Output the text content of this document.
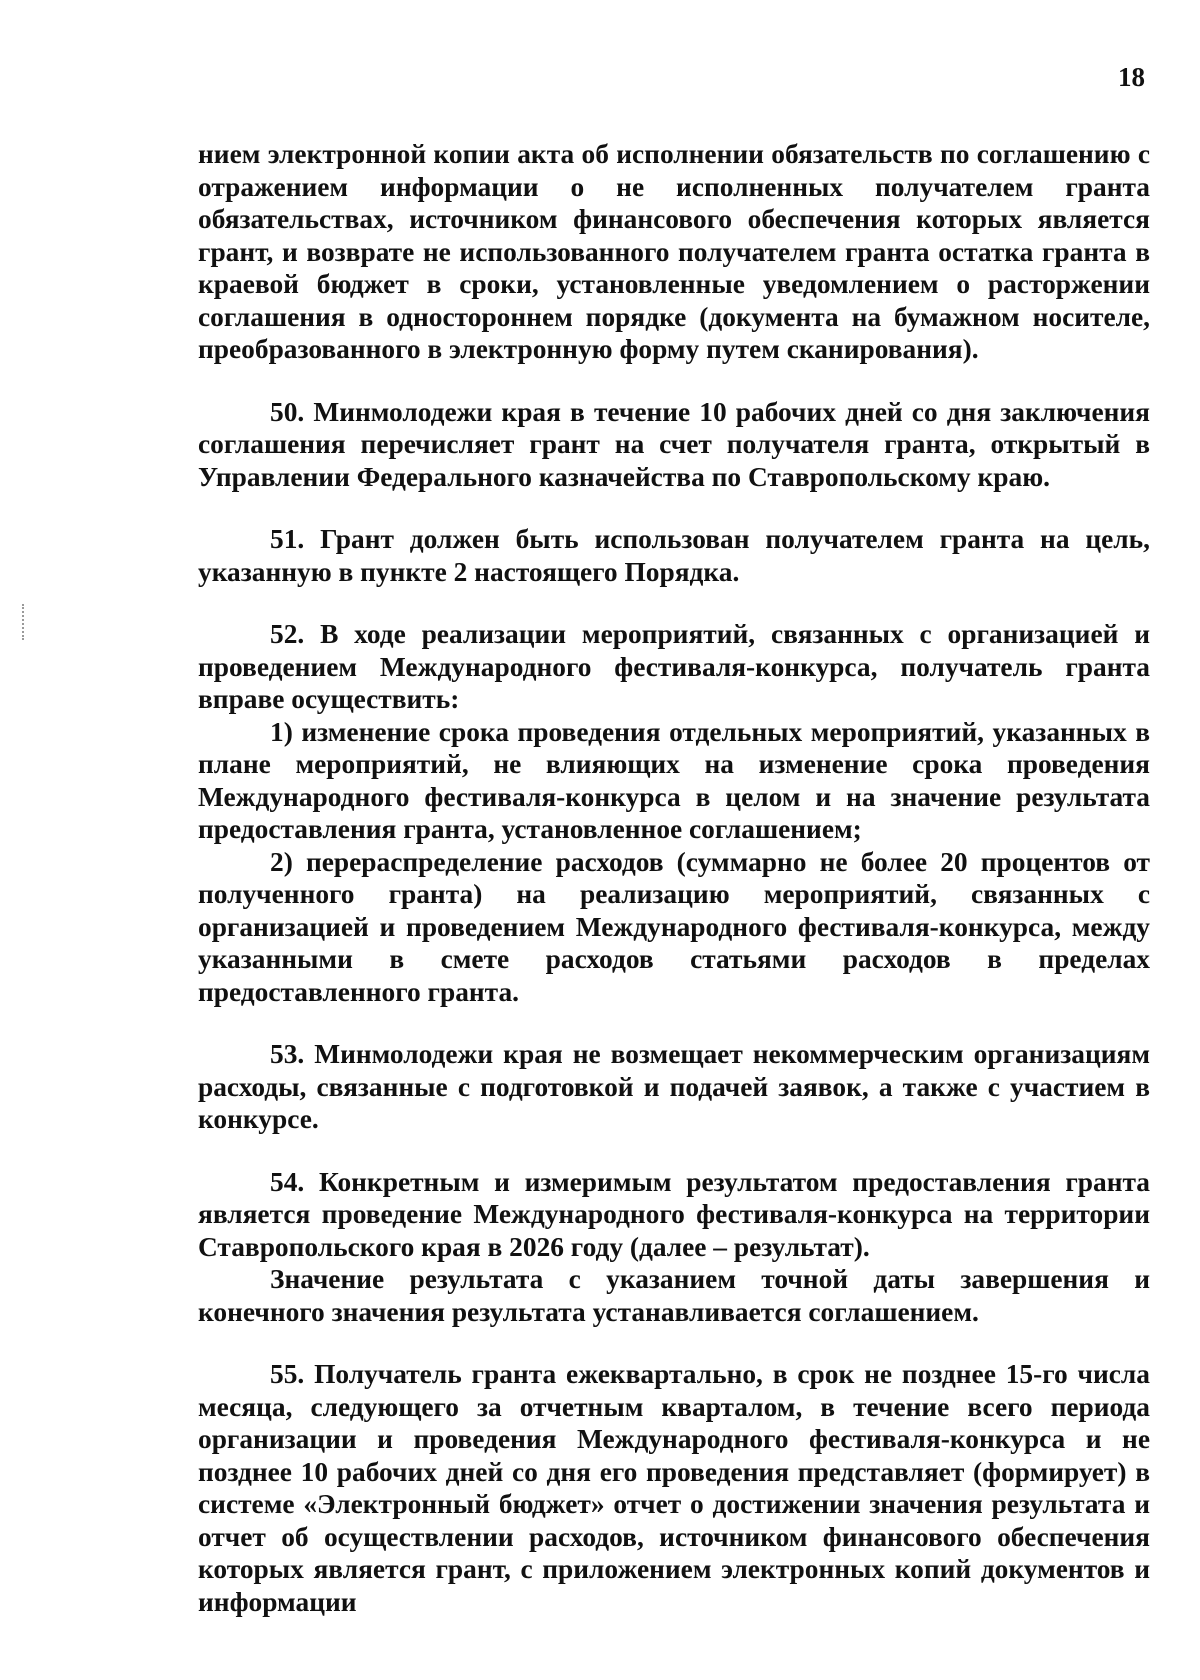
18

нием электронной копии акта об исполнении обязательств по соглашению с отражением информации о не исполненных получателем гранта обязательствах, источником финансового обеспечения которых является грант, и возврате не использованного получателем гранта остатка гранта в краевой бюджет в сроки, установленные уведомлением о расторжении соглашения в одностороннем порядке (документа на бумажном носителе, преобразованного в электронную форму путем сканирования).

50. Минмолодежи края в течение 10 рабочих дней со дня заключения соглашения перечисляет грант на счет получателя гранта, открытый в Управлении Федерального казначейства по Ставропольскому краю.

51. Грант должен быть использован получателем гранта на цель, указанную в пункте 2 настоящего Порядка.

52. В ходе реализации мероприятий, связанных с организацией и проведением Международного фестиваля-конкурса, получатель гранта вправе осуществить:

1) изменение срока проведения отдельных мероприятий, указанных в плане мероприятий, не влияющих на изменение срока проведения Международного фестиваля-конкурса в целом и на значение результата предоставления гранта, установленное соглашением;

2) перераспределение расходов (суммарно не более 20 процентов от полученного гранта) на реализацию мероприятий, связанных с организацией и проведением Международного фестиваля-конкурса, между указанными в смете расходов статьями расходов в пределах предоставленного гранта.

53. Минмолодежи края не возмещает некоммерческим организациям расходы, связанные с подготовкой и подачей заявок, а также с участием в конкурсе.

54. Конкретным и измеримым результатом предоставления гранта является проведение Международного фестиваля-конкурса на территории Ставропольского края в 2026 году (далее – результат).

Значение результата с указанием точной даты завершения и конечного значения результата устанавливается соглашением.

55. Получатель гранта ежеквартально, в срок не позднее 15-го числа месяца, следующего за отчетным кварталом, в течение всего периода организации и проведения Международного фестиваля-конкурса и не позднее 10 рабочих дней со дня его проведения представляет (формирует) в системе «Электронный бюджет» отчет о достижении значения результата и отчет об осуществлении расходов, источником финансового обеспечения которых является грант, с приложением электронных копий документов и информации
